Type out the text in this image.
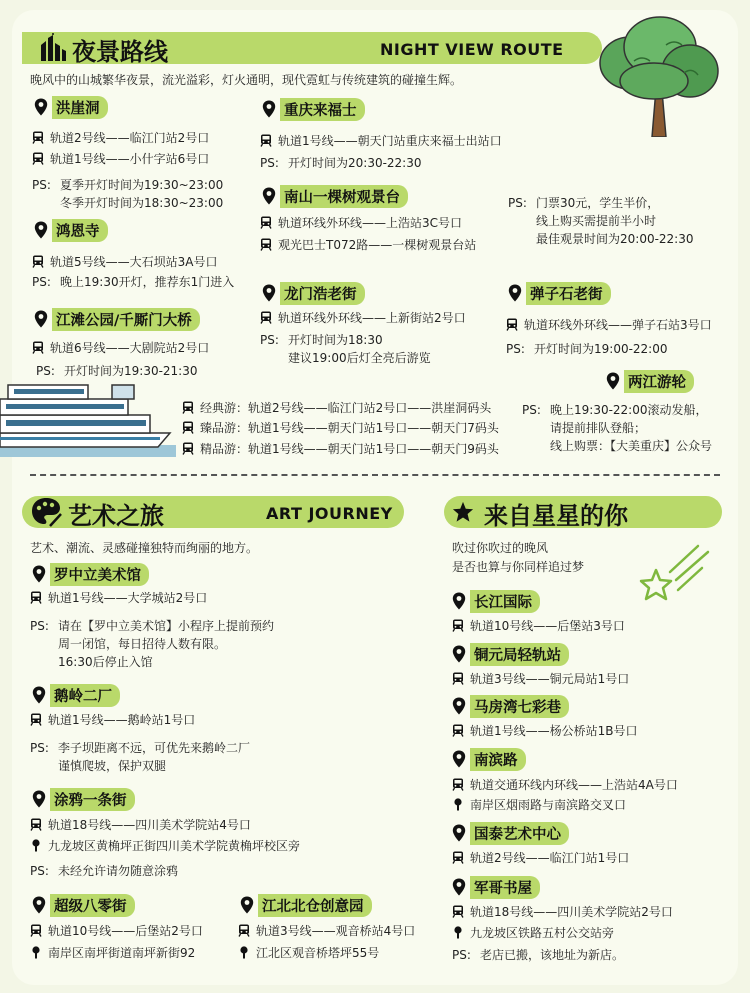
夜景路线	NIGHT VIEW ROUTE
晚风中的山城繁华夜景，流光溢彩，灯火通明，现代霓虹与传统建筑的碰撞生辉。
洪崖洞
轨道2号线——临江门站2号口
轨道1号线——小什字站6号口
PS: 夏季开灯时间为19:30~23:00
冬季开灯时间为18:30~23:00
鸿恩寺
轨道5号线——大石坝站3A号口
PS: 晚上19:30开灯，推荐东1门进入
江滩公园/千厮门大桥
轨道6号线——大剧院站2号口
PS: 开灯时间为19:30-21:30
重庆来福士
轨道1号线——朝天门站重庆来福士出站口
PS: 开灯时间为20:30-22:30
南山一棵树观景台
轨道环线外环线——上浩站3C号口
观光巴士T072路——一棵树观景台站
PS: 门票30元，学生半价，
线上购买需提前半小时
最佳观景时间为20:00-22:30
龙门浩老街
轨道环线外环线——上新街站2号口
PS: 开灯时间为18:30
建议19:00后灯全亮后游览
弹子石老街
轨道环线外环线——弹子石站3号口
PS: 开灯时间为19:00-22:00
两江游轮
经典游：轨道2号线——临江门站2号口——洪崖洞码头
臻品游：轨道1号线——朝天门站1号口——朝天门7码头
精品游：轨道1号线——朝天门站1号口——朝天门9码头
PS: 晚上19:30-22:00滚动发船，
请提前排队登船；
线上购票：【大美重庆】公众号
艺术之旅	ART JOURNEY
艺术、潮流、灵感碰撞独特而绚丽的地方。
罗中立美术馆
轨道1号线——大学城站2号口
PS: 请在【罗中立美术馆】小程序上提前预约
周一闭馆，每日招待人数有限。
16:30后停止入馆
鹅岭二厂
轨道1号线——鹅岭站1号口
PS: 李子坝距离不远，可优先来鹅岭二厂
谨慎爬坡，保护双腿
涂鸦一条街
轨道18号线——四川美术学院站4号口
九龙坡区黄桷坪正街四川美术学院黄桷坪校区旁
PS: 未经允许请勿随意涂鸦
超级八零街
轨道10号线——后堡站2号口
南岸区南坪街道南坪新街92
江北北仓创意园
轨道3号线——观音桥站4号口
江北区观音桥塔坪55号
来自星星的你
吹过你吹过的晚风
是否也算与你同样追过梦
长江国际
轨道10号线——后堡站3号口
铜元局轻轨站
轨道3号线——铜元局站1号口
马房湾七彩巷
轨道1号线——杨公桥站1B号口
南滨路
轨道交通环线内环线——上浩站4A号口
南岸区烟雨路与南滨路交叉口
国泰艺术中心
轨道2号线——临江门站1号口
军哥书屋
轨道18号线——四川美术学院站2号口
九龙坡区铁路五村公交站旁
PS: 老店已搬，该地址为新店。
